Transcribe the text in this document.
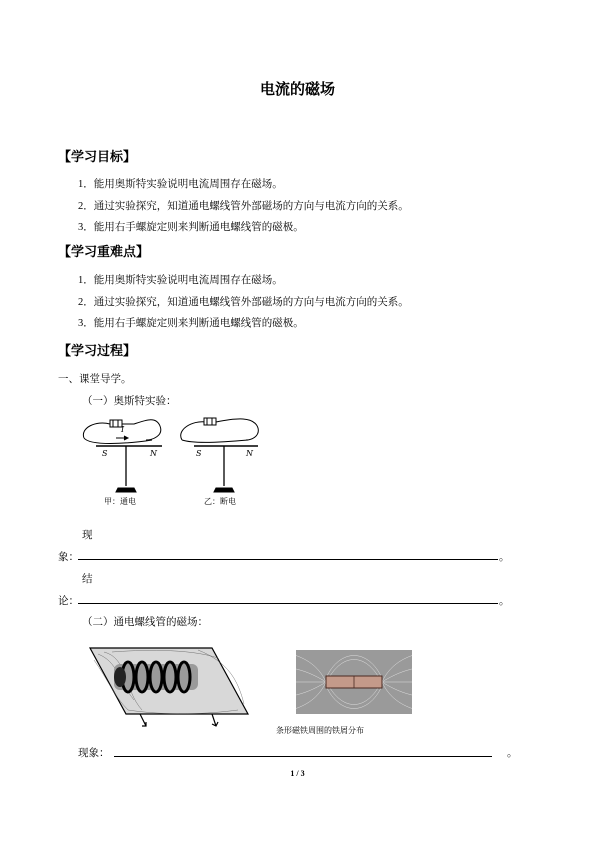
电流的磁场
【学习目标】
1．能用奥斯特实验说明电流周围存在磁场。
2．通过实验探究，知道通电螺线管外部磁场的方向与电流方向的关系。
3．能用右手螺旋定则来判断通电螺线管的磁极。
【学习重难点】
1．能用奥斯特实验说明电流周围存在磁场。
2．通过实验探究，知道通电螺线管外部磁场的方向与电流方向的关系。
3．能用右手螺旋定则来判断通电螺线管的磁极。
【学习过程】
一、课堂导学。
（一）奥斯特实验：
I
S	N
甲：通电
S	N
乙：断电
现
象：	。
结
论：	。
（二）通电螺线管的磁场：
条形磁铁周围的铁屑分布
现象：	。
1 / 3
